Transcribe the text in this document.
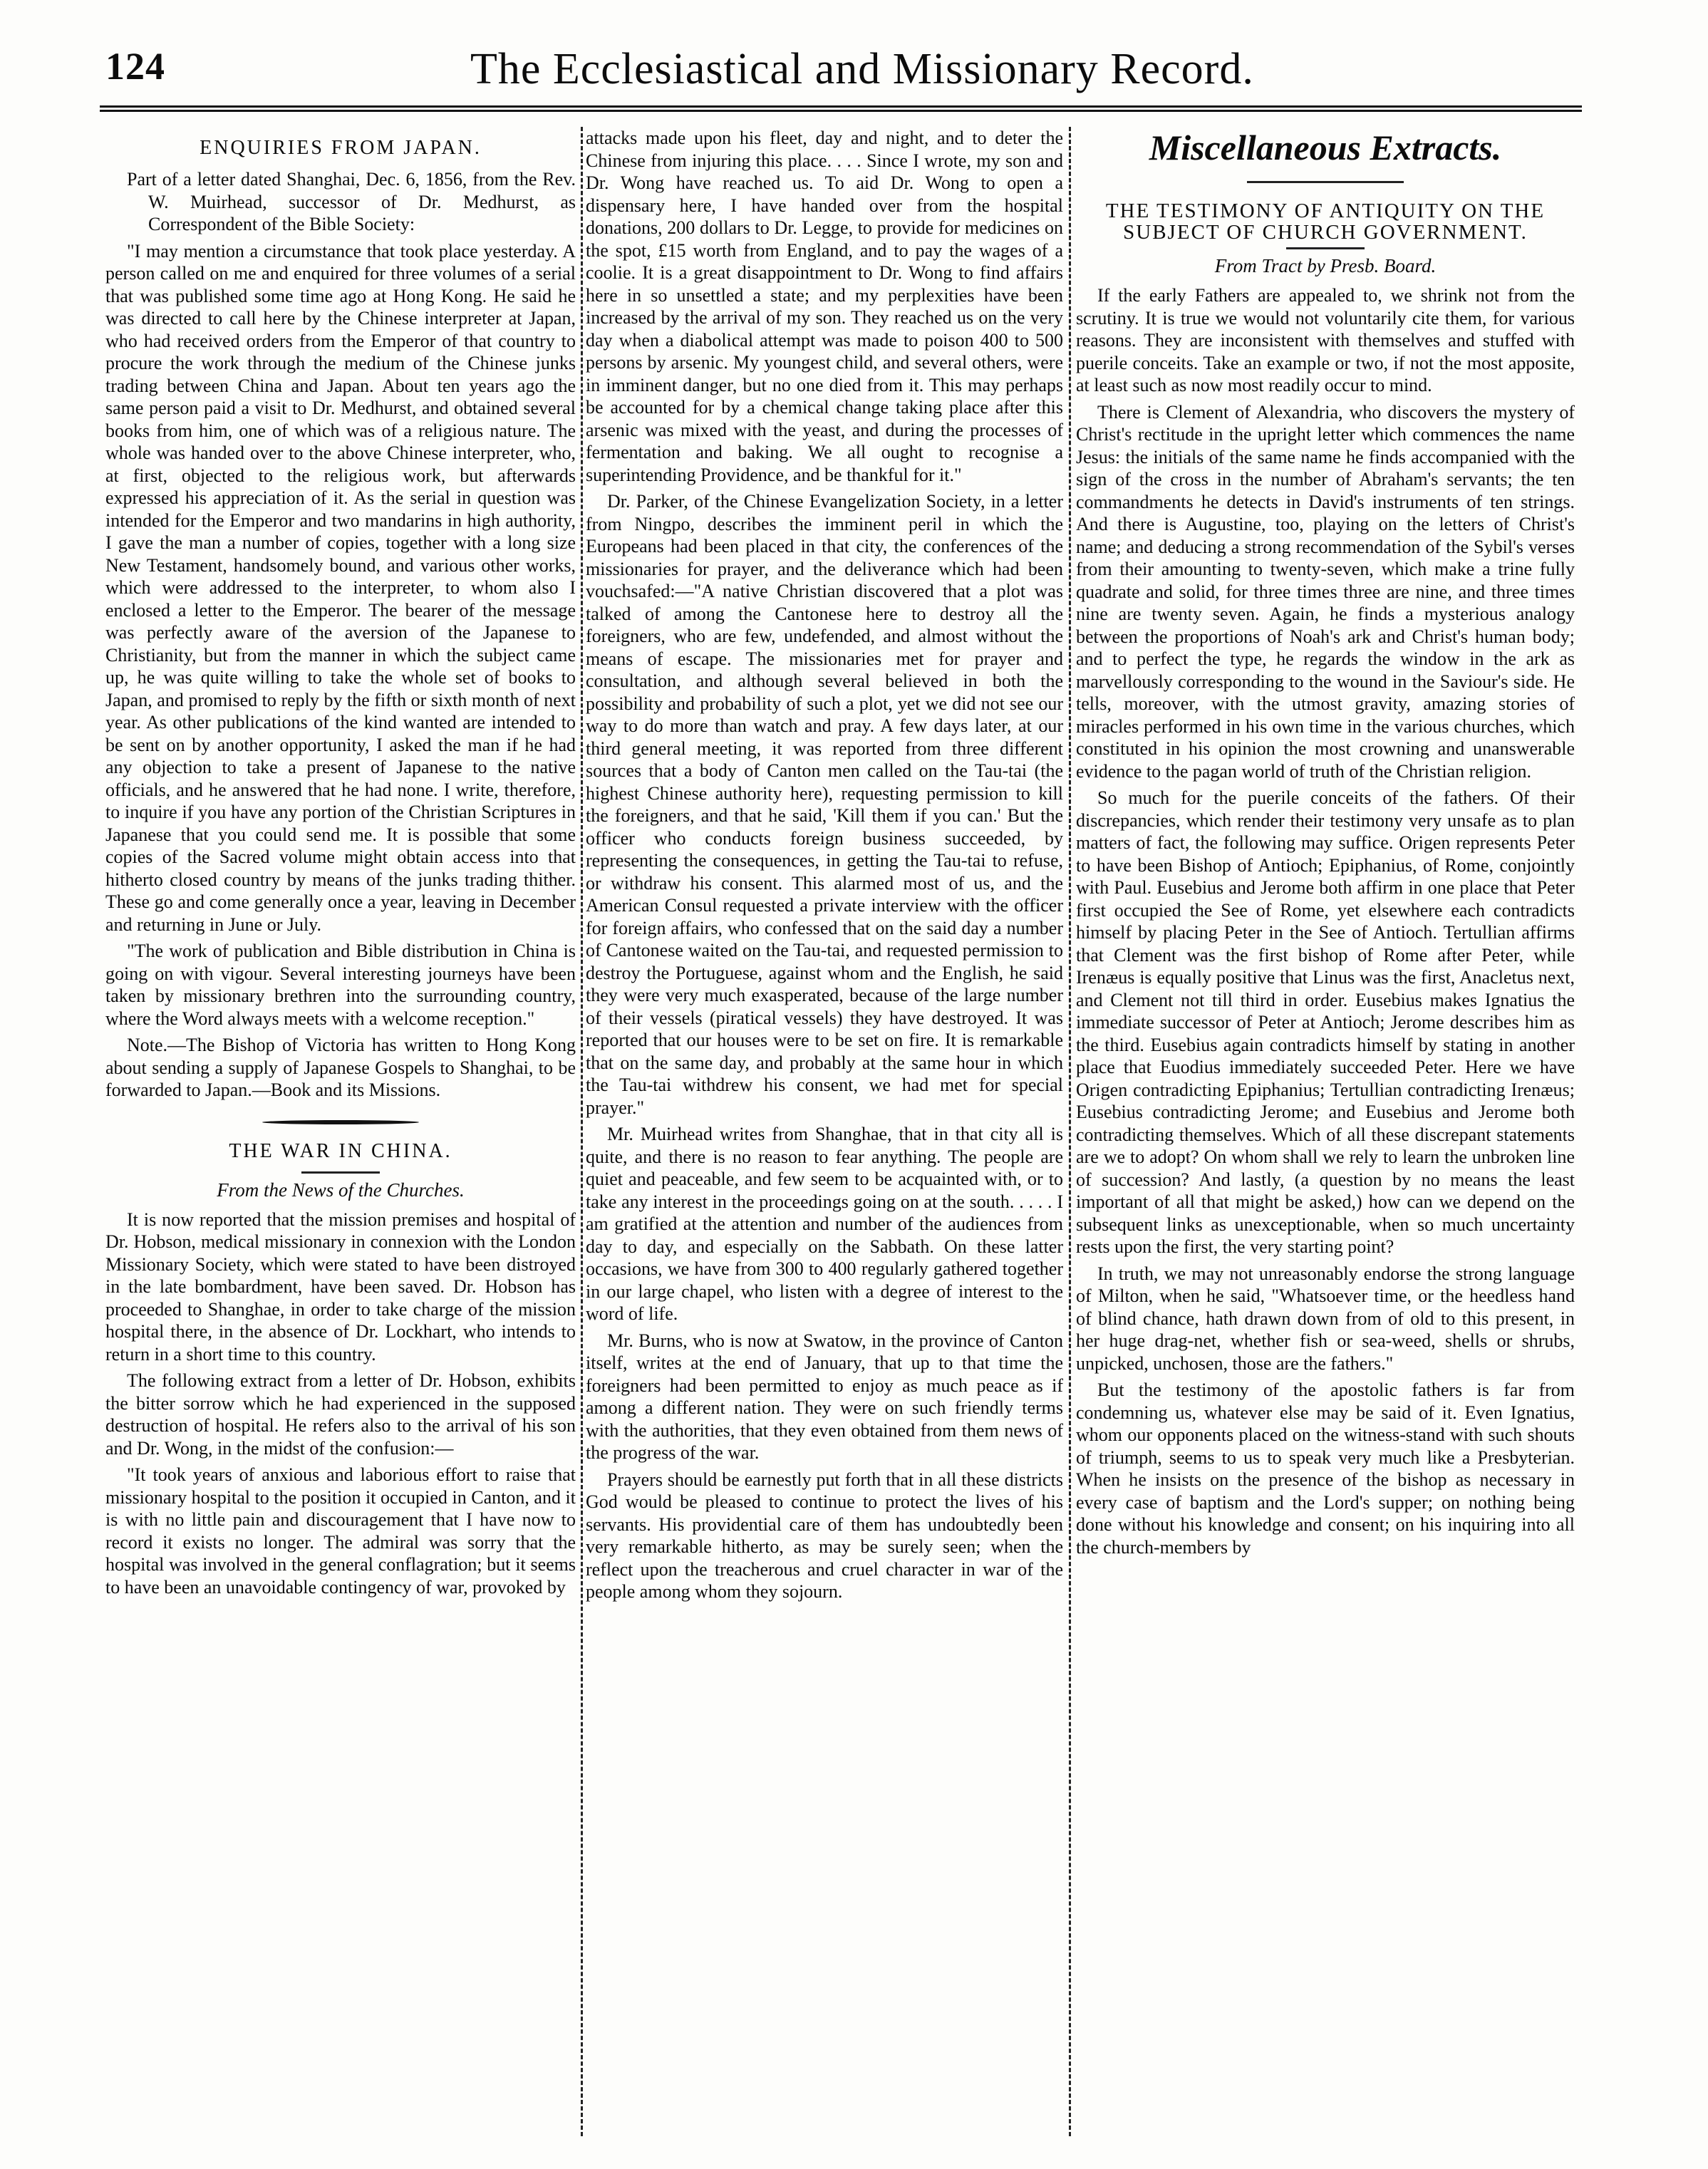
124	The Ecclesiastical and Missionary Record.
ENQUIRIES FROM JAPAN.

Part of a letter dated Shanghai, Dec. 6, 1856, from the Rev. W. Muirhead, successor of Dr. Medhurst, as Correspondent of the Bible Society:

"I may mention a circumstance that took place yesterday. A person called on me and enquired for three volumes of a serial that was published some time ago at Hong Kong. He said he was directed to call here by the Chinese interpreter at Japan, who had received orders from the Emperor of that country to procure the work through the medium of the Chinese junks trading between China and Japan. About ten years ago the same person paid a visit to Dr. Medhurst, and obtained several books from him, one of which was of a religious nature. The whole was handed over to the above Chinese interpreter, who, at first, objected to the religious work, but afterwards expressed his appreciation of it. As the serial in question was intended for the Emperor and two mandarins in high authority, I gave the man a number of copies, together with a long size New Testament, handsomely bound, and various other works, which were addressed to the interpreter, to whom also I enclosed a letter to the Emperor. The bearer of the message was perfectly aware of the aversion of the Japanese to Christianity, but from the manner in which the subject came up, he was quite willing to take the whole set of books to Japan, and promised to reply by the fifth or sixth month of next year. As other publications of the kind wanted are intended to be sent on by another opportunity, I asked the man if he had any objection to take a present of Japanese to the native officials, and he answered that he had none. I write, therefore, to inquire if you have any portion of the Christian Scriptures in Japanese that you could send me. It is possible that some copies of the Sacred volume might obtain access into that hitherto closed country by means of the junks trading thither. These go and come generally once a year, leaving in December and returning in June or July.

"The work of publication and Bible distribution in China is going on with vigour. Several interesting journeys have been taken by missionary brethren into the surrounding country, where the Word always meets with a welcome reception."

Note.—The Bishop of Victoria has written to Hong Kong about sending a supply of Japanese Gospels to Shanghai, to be forwarded to Japan.—Book and its Missions.

THE WAR IN CHINA.
From the News of the Churches.

It is now reported that the mission premises and hospital of Dr. Hobson, medical missionary in connexion with the London Missionary Society, which were stated to have been distroyed in the late bombardment, have been saved. Dr. Hobson has proceeded to Shanghae, in order to take charge of the mission hospital there, in the absence of Dr. Lockhart, who intends to return in a short time to this country.

The following extract from a letter of Dr. Hobson, exhibits the bitter sorrow which he had experienced in the supposed destruction of hospital. He refers also to the arrival of his son and Dr. Wong, in the midst of the confusion:—

"It took years of anxious and laborious effort to raise that missionary hospital to the position it occupied in Canton, and it is with no little pain and discouragement that I have now to record it exists no longer. The admiral was sorry that the hospital was involved in the general conflagration; but it seems to have been an unavoidable contingency of war, provoked by

attacks made upon his fleet, day and night, and to deter the Chinese from injuring this place. . . . Since I wrote, my son and Dr. Wong have reached us. To aid Dr. Wong to open a dispensary here, I have handed over from the hospital donations, 200 dollars to Dr. Legge, to provide for medicines on the spot, £15 worth from England, and to pay the wages of a coolie. It is a great disappointment to Dr. Wong to find affairs here in so unsettled a state; and my perplexities have been increased by the arrival of my son. They reached us on the very day when a diabolical attempt was made to poison 400 to 500 persons by arsenic. My youngest child, and several others, were in imminent danger, but no one died from it. This may perhaps be accounted for by a chemical change taking place after this arsenic was mixed with the yeast, and during the processes of fermentation and baking. We all ought to recognise a superintending Providence, and be thankful for it."

Dr. Parker, of the Chinese Evangelization Society, in a letter from Ningpo, describes the imminent peril in which the Europeans had been placed in that city, the conferences of the missionaries for prayer, and the deliverance which had been vouchsafed:—"A native Christian discovered that a plot was talked of among the Cantonese here to destroy all the foreigners, who are few, undefended, and almost without the means of escape. The missionaries met for prayer and consultation, and although several believed in both the possibility and probability of such a plot, yet we did not see our way to do more than watch and pray. A few days later, at our third general meeting, it was reported from three different sources that a body of Canton men called on the Tau-tai (the highest Chinese authority here), requesting permission to kill the foreigners, and that he said, 'Kill them if you can.' But the officer who conducts foreign business succeeded, by representing the consequences, in getting the Tau-tai to refuse, or withdraw his consent. This alarmed most of us, and the American Consul requested a private interview with the officer for foreign affairs, who confessed that on the said day a number of Cantonese waited on the Tau-tai, and requested permission to destroy the Portuguese, against whom and the English, he said they were very much exasperated, because of the large number of their vessels (piratical vessels) they have destroyed. It was reported that our houses were to be set on fire. It is remarkable that on the same day, and probably at the same hour in which the Tau-tai withdrew his consent, we had met for special prayer."

Mr. Muirhead writes from Shanghae, that in that city all is quite, and there is no reason to fear anything. The people are quiet and peaceable, and few seem to be acquainted with, or to take any interest in the proceedings going on at the south. . . . . I am gratified at the attention and number of the audiences from day to day, and especially on the Sabbath. On these latter occasions, we have from 300 to 400 regularly gathered together in our large chapel, who listen with a degree of interest to the word of life.

Mr. Burns, who is now at Swatow, in the province of Canton itself, writes at the end of January, that up to that time the foreigners had been permitted to enjoy as much peace as if among a different nation. They were on such friendly terms with the authorities, that they even obtained from them news of the progress of the war.

Prayers should be earnestly put forth that in all these districts God would be pleased to continue to protect the lives of his servants. His providential care of them has undoubtedly been very remarkable hitherto, as may be surely seen; when the reflect upon the treacherous and cruel character in war of the people among whom they sojourn.

Miscellaneous Extracts.
THE TESTIMONY OF ANTIQUITY ON THE SUBJECT OF CHURCH GOVERNMENT.
From Tract by Presb. Board.

If the early Fathers are appealed to, we shrink not from the scrutiny. It is true we would not voluntarily cite them, for various reasons. They are inconsistent with themselves and stuffed with puerile conceits. Take an example or two, if not the most apposite, at least such as now most readily occur to mind.

There is Clement of Alexandria, who discovers the mystery of Christ's rectitude in the upright letter which commences the name Jesus: the initials of the same name he finds accompanied with the sign of the cross in the number of Abraham's servants; the ten commandments he detects in David's instruments of ten strings. And there is Augustine, too, playing on the letters of Christ's name; and deducing a strong recommendation of the Sybil's verses from their amounting to twenty-seven, which make a trine fully quadrate and solid, for three times three are nine, and three times nine are twenty seven. Again, he finds a mysterious analogy between the proportions of Noah's ark and Christ's human body; and to perfect the type, he regards the window in the ark as marvellously corresponding to the wound in the Saviour's side. He tells, moreover, with the utmost gravity, amazing stories of miracles performed in his own time in the various churches, which constituted in his opinion the most crowning and unanswerable evidence to the pagan world of truth of the Christian religion.

So much for the puerile conceits of the fathers. Of their discrepancies, which render their testimony very unsafe as to plan matters of fact, the following may suffice. Origen represents Peter to have been Bishop of Antioch; Epiphanius, of Rome, conjointly with Paul. Eusebius and Jerome both affirm in one place that Peter first occupied the See of Rome, yet elsewhere each contradicts himself by placing Peter in the See of Antioch. Tertullian affirms that Clement was the first bishop of Rome after Peter, while Irenæus is equally positive that Linus was the first, Anacletus next, and Clement not till third in order. Eusebius makes Ignatius the immediate successor of Peter at Antioch; Jerome describes him as the third. Eusebius again contradicts himself by stating in another place that Euodius immediately succeeded Peter. Here we have Origen contradicting Epiphanius; Tertullian contradicting Irenæus; Eusebius contradicting Jerome; and Eusebius and Jerome both contradicting themselves. Which of all these discrepant statements are we to adopt? On whom shall we rely to learn the unbroken line of succession? And lastly, (a question by no means the least important of all that might be asked,) how can we depend on the subsequent links as unexceptionable, when so much uncertainty rests upon the first, the very starting point?

In truth, we may not unreasonably endorse the strong language of Milton, when he said, "Whatsoever time, or the heedless hand of blind chance, hath drawn down from of old to this present, in her huge drag-net, whether fish or sea-weed, shells or shrubs, unpicked, unchosen, those are the fathers."

But the testimony of the apostolic fathers is far from condemning us, whatever else may be said of it. Even Ignatius, whom our opponents placed on the witness-stand with such shouts of triumph, seems to us to speak very much like a Presbyterian. When he insists on the presence of the bishop as necessary in every case of baptism and the Lord's supper; on nothing being done without his knowledge and consent; on his inquiring into all the church-members by
